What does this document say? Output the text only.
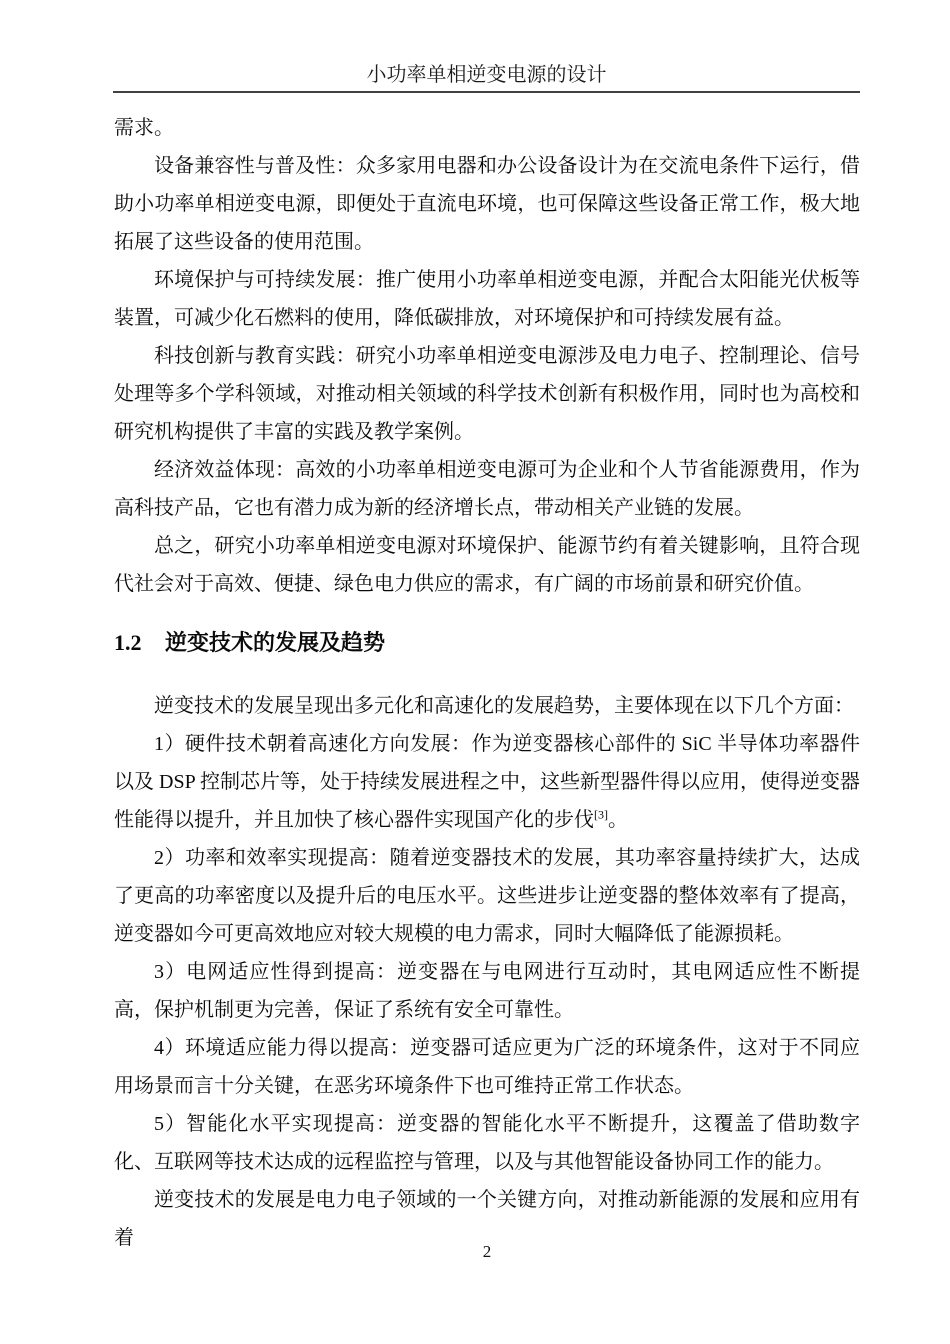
小功率单相逆变电源的设计

需求。

设备兼容性与普及性：众多家用电器和办公设备设计为在交流电条件下运行，借助小功率单相逆变电源，即便处于直流电环境，也可保障这些设备正常工作，极大地拓展了这些设备的使用范围。

环境保护与可持续发展：推广使用小功率单相逆变电源，并配合太阳能光伏板等装置，可减少化石燃料的使用，降低碳排放，对环境保护和可持续发展有益。

科技创新与教育实践：研究小功率单相逆变电源涉及电力电子、控制理论、信号处理等多个学科领域，对推动相关领域的科学技术创新有积极作用，同时也为高校和研究机构提供了丰富的实践及教学案例。

经济效益体现：高效的小功率单相逆变电源可为企业和个人节省能源费用，作为高科技产品，它也有潜力成为新的经济增长点，带动相关产业链的发展。

总之，研究小功率单相逆变电源对环境保护、能源节约有着关键影响，且符合现代社会对于高效、便捷、绿色电力供应的需求，有广阔的市场前景和研究价值。

1.2 逆变技术的发展及趋势

逆变技术的发展呈现出多元化和高速化的发展趋势，主要体现在以下几个方面：

1）硬件技术朝着高速化方向发展：作为逆变器核心部件的 SiC 半导体功率器件以及 DSP 控制芯片等，处于持续发展进程之中，这些新型器件得以应用，使得逆变器性能得以提升，并且加快了核心器件实现国产化的步伐[3]。

2）功率和效率实现提高：随着逆变器技术的发展，其功率容量持续扩大，达成了更高的功率密度以及提升后的电压水平。这些进步让逆变器的整体效率有了提高，逆变器如今可更高效地应对较大规模的电力需求，同时大幅降低了能源损耗。

3）电网适应性得到提高：逆变器在与电网进行互动时，其电网适应性不断提高，保护机制更为完善，保证了系统有安全可靠性。

4）环境适应能力得以提高：逆变器可适应更为广泛的环境条件，这对于不同应用场景而言十分关键，在恶劣环境条件下也可维持正常工作状态。

5）智能化水平实现提高：逆变器的智能化水平不断提升，这覆盖了借助数字化、互联网等技术达成的远程监控与管理，以及与其他智能设备协同工作的能力。

逆变技术的发展是电力电子领域的一个关键方向，对推动新能源的发展和应用有着

2
